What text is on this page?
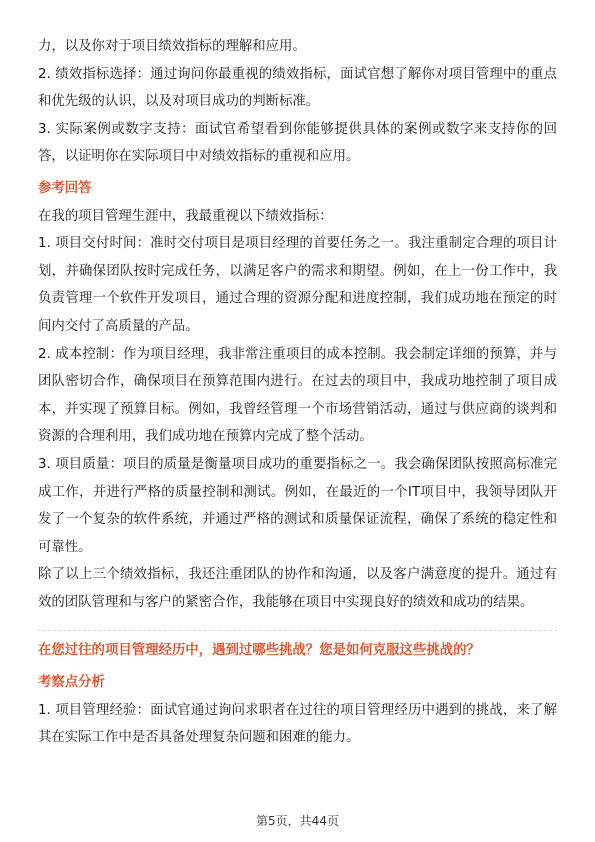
力，以及你对于项目绩效指标的理解和应用。

2. 绩效指标选择：通过询问你最重视的绩效指标，面试官想了解你对项目管理中的重点和优先级的认识，以及对项目成功的判断标准。

3. 实际案例或数字支持：面试官希望看到你能够提供具体的案例或数字来支持你的回答，以证明你在实际项目中对绩效指标的重视和应用。

参考回答

在我的项目管理生涯中，我最重视以下绩效指标：

1. 项目交付时间：准时交付项目是项目经理的首要任务之一。我注重制定合理的项目计划，并确保团队按时完成任务，以满足客户的需求和期望。例如，在上一份工作中，我负责管理一个软件开发项目，通过合理的资源分配和进度控制，我们成功地在预定的时间内交付了高质量的产品。

2. 成本控制：作为项目经理，我非常注重项目的成本控制。我会制定详细的预算，并与团队密切合作，确保项目在预算范围内进行。在过去的项目中，我成功地控制了项目成本，并实现了预算目标。例如，我曾经管理一个市场营销活动，通过与供应商的谈判和资源的合理利用，我们成功地在预算内完成了整个活动。

3. 项目质量：项目的质量是衡量项目成功的重要指标之一。我会确保团队按照高标准完成工作，并进行严格的质量控制和测试。例如，在最近的一个IT项目中，我领导团队开发了一个复杂的软件系统，并通过严格的测试和质量保证流程，确保了系统的稳定性和可靠性。

除了以上三个绩效指标，我还注重团队的协作和沟通，以及客户满意度的提升。通过有效的团队管理和与客户的紧密合作，我能够在项目中实现良好的绩效和成功的结果。

在您过往的项目管理经历中，遇到过哪些挑战？您是如何克服这些挑战的？
考察点分析

1. 项目管理经验：面试官通过询问求职者在过往的项目管理经历中遇到的挑战，来了解其在实际工作中是否具备处理复杂问题和困难的能力。

第5页，共44页
